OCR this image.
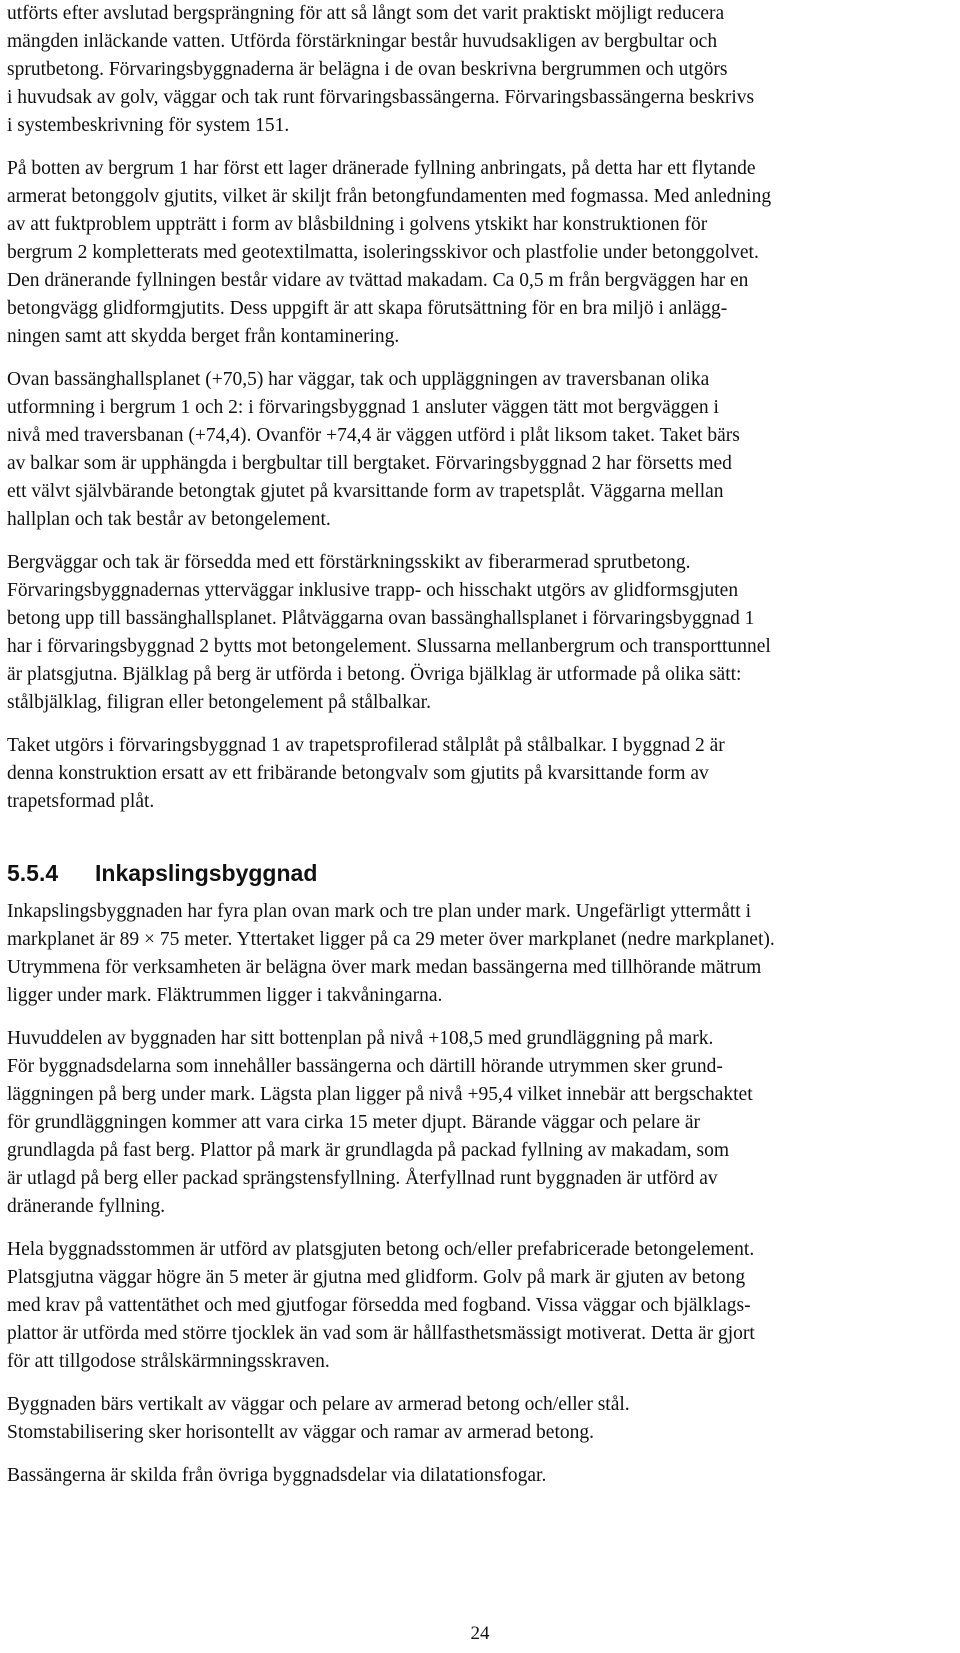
utförts efter avslutad bergsprängning för att så långt som det varit praktiskt möjligt reducera
mängden inläckande vatten. Utförda förstärkningar består huvudsakligen av bergbultar och
sprutbetong. Förvaringsbyggnaderna är belägna i de ovan beskrivna bergrummen och utgörs
i huvudsak av golv, väggar och tak runt förvaringsbassängerna. Förvaringsbassängerna beskrivs
i systembeskrivning för system 151.

På botten av bergrum 1 har först ett lager dränerade fyllning anbringats, på detta har ett flytande
armerat betonggolv gjutits, vilket är skiljt från betongfundamenten med fogmassa. Med anledning
av att fuktproblem uppträtt i form av blåsbildning i golvens ytskikt har konstruktionen för
bergrum 2 kompletterats med geotextilmatta, isoleringsskivor och plastfolie under betonggolvet.
Den dränerande fyllningen består vidare av tvättad makadam. Ca 0,5 m från bergväggen har en
betongvägg glidformgjutits. Dess uppgift är att skapa förutsättning för en bra miljö i anlägg-
ningen samt att skydda berget från kontaminering.

Ovan bassänghallsplanet (+70,5) har väggar, tak och uppläggningen av traversbanan olika
utformning i bergrum 1 och 2: i förvaringsbyggnad 1 ansluter väggen tätt mot bergväggen i
nivå med traversbanan (+74,4). Ovanför +74,4 är väggen utförd i plåt liksom taket. Taket bärs
av balkar som är upphängda i bergbultar till bergtaket. Förvaringsbyggnad 2 har försetts med
ett välvt självbärande betongtak gjutet på kvarsittande form av trapetsplåt. Väggarna mellan
hallplan och tak består av betongelement.

Bergväggar och tak är försedda med ett förstärkningsskikt av fiberarmerad sprutbetong.
Förvaringsbyggnadernas ytterväggar inklusive trapp- och hisschakt utgörs av glidformsgjuten
betong upp till bassänghallsplanet. Plåtväggarna ovan bassänghallsplanet i förvaringsbyggnad 1
har i förvaringsbyggnad 2 bytts mot betongelement. Slussarna mellanbergrum och transporttunnel
är platsgjutna. Bjälklag på berg är utförda i betong. Övriga bjälklag är utformade på olika sätt:
stålbjälklag, filigran eller betongelement på stålbalkar.

Taket utgörs i förvaringsbyggnad 1 av trapetsprofilerad stålplåt på stålbalkar. I byggnad 2 är
denna konstruktion ersatt av ett fribärande betongvalv som gjutits på kvarsittande form av
trapetsformad plåt.

5.5.4 Inkapslingsbyggnad

Inkapslingsbyggnaden har fyra plan ovan mark och tre plan under mark. Ungefärligt yttermått i
markplanet är 89 × 75 meter. Yttertaket ligger på ca 29 meter över markplanet (nedre markplanet).
Utrymmena för verksamheten är belägna över mark medan bassängerna med tillhörande mätrum
ligger under mark. Fläktrummen ligger i takvåningarna.

Huvuddelen av byggnaden har sitt bottenplan på nivå +108,5 med grundläggning på mark.
För byggnadsdelarna som innehåller bassängerna och därtill hörande utrymmen sker grund-
läggningen på berg under mark. Lägsta plan ligger på nivå +95,4 vilket innebär att bergschaktet
för grundläggningen kommer att vara cirka 15 meter djupt. Bärande väggar och pelare är
grundlagda på fast berg. Plattor på mark är grundlagda på packad fyllning av makadam, som
är utlagd på berg eller packad sprängstensfyllning. Återfyllnad runt byggnaden är utförd av
dränerande fyllning.

Hela byggnadsstommen är utförd av platsgjuten betong och/eller prefabricerade betongelement.
Platsgjutna väggar högre än 5 meter är gjutna med glidform. Golv på mark är gjuten av betong
med krav på vattentäthet och med gjutfogar försedda med fogband. Vissa väggar och bjälklags-
plattor är utförda med större tjocklek än vad som är hållfasthetsmässigt motiverat. Detta är gjort
för att tillgodose strålskärmningsskraven.

Byggnaden bärs vertikalt av väggar och pelare av armerad betong och/eller stål.
Stomstabilisering sker horisontellt av väggar och ramar av armerad betong.

Bassängerna är skilda från övriga byggnadsdelar via dilatationsfogar.

24
